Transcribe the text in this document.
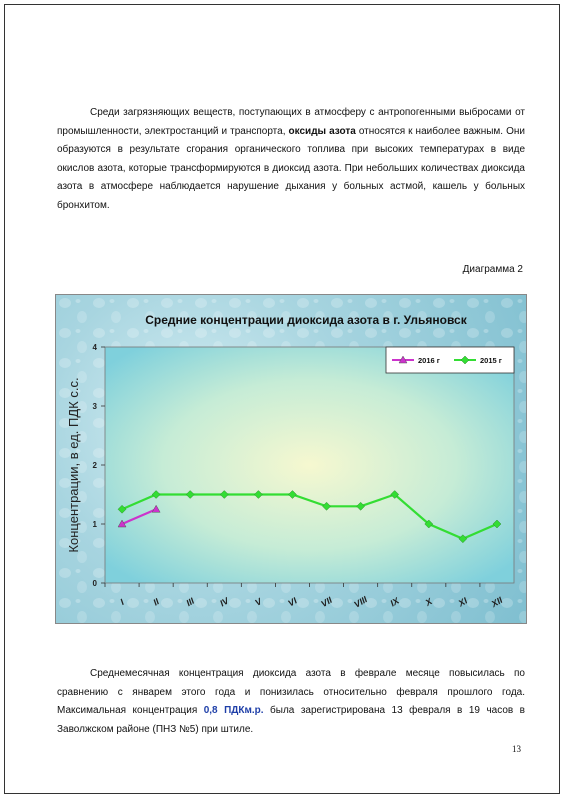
Среди загрязняющих веществ, поступающих в атмосферу с антропогенными выбросами от промышленности, электростанций и транспорта, оксиды азота относятся к наиболее важным. Они образуются в результате сгорания органического топлива при высоких температурах в виде окислов азота, которые трансформируются в диоксид азота. При небольших количествах диоксида азота в атмосфере наблюдается нарушение дыхания у больных астмой, кашель у больных бронхитом.

Диаграмма 2
Средние концентрации диоксида азота в г. Ульяновск
0
1
2
3
4
I	II	III IV	V	VI VII VIII IX	X	XI XII
Концентрации, в ед. ПДК с.с.
2016 г	2015 г

Среднемесячная концентрация диоксида азота в феврале месяце повысилась по сравнению с январем этого года и понизилась относительно февраля прошлого года. Максимальная концентрация 0,8 ПДКм.р. была зарегистрирована 13 февраля в 19 часов в Заволжском районе (ПНЗ №5) при штиле.

13
